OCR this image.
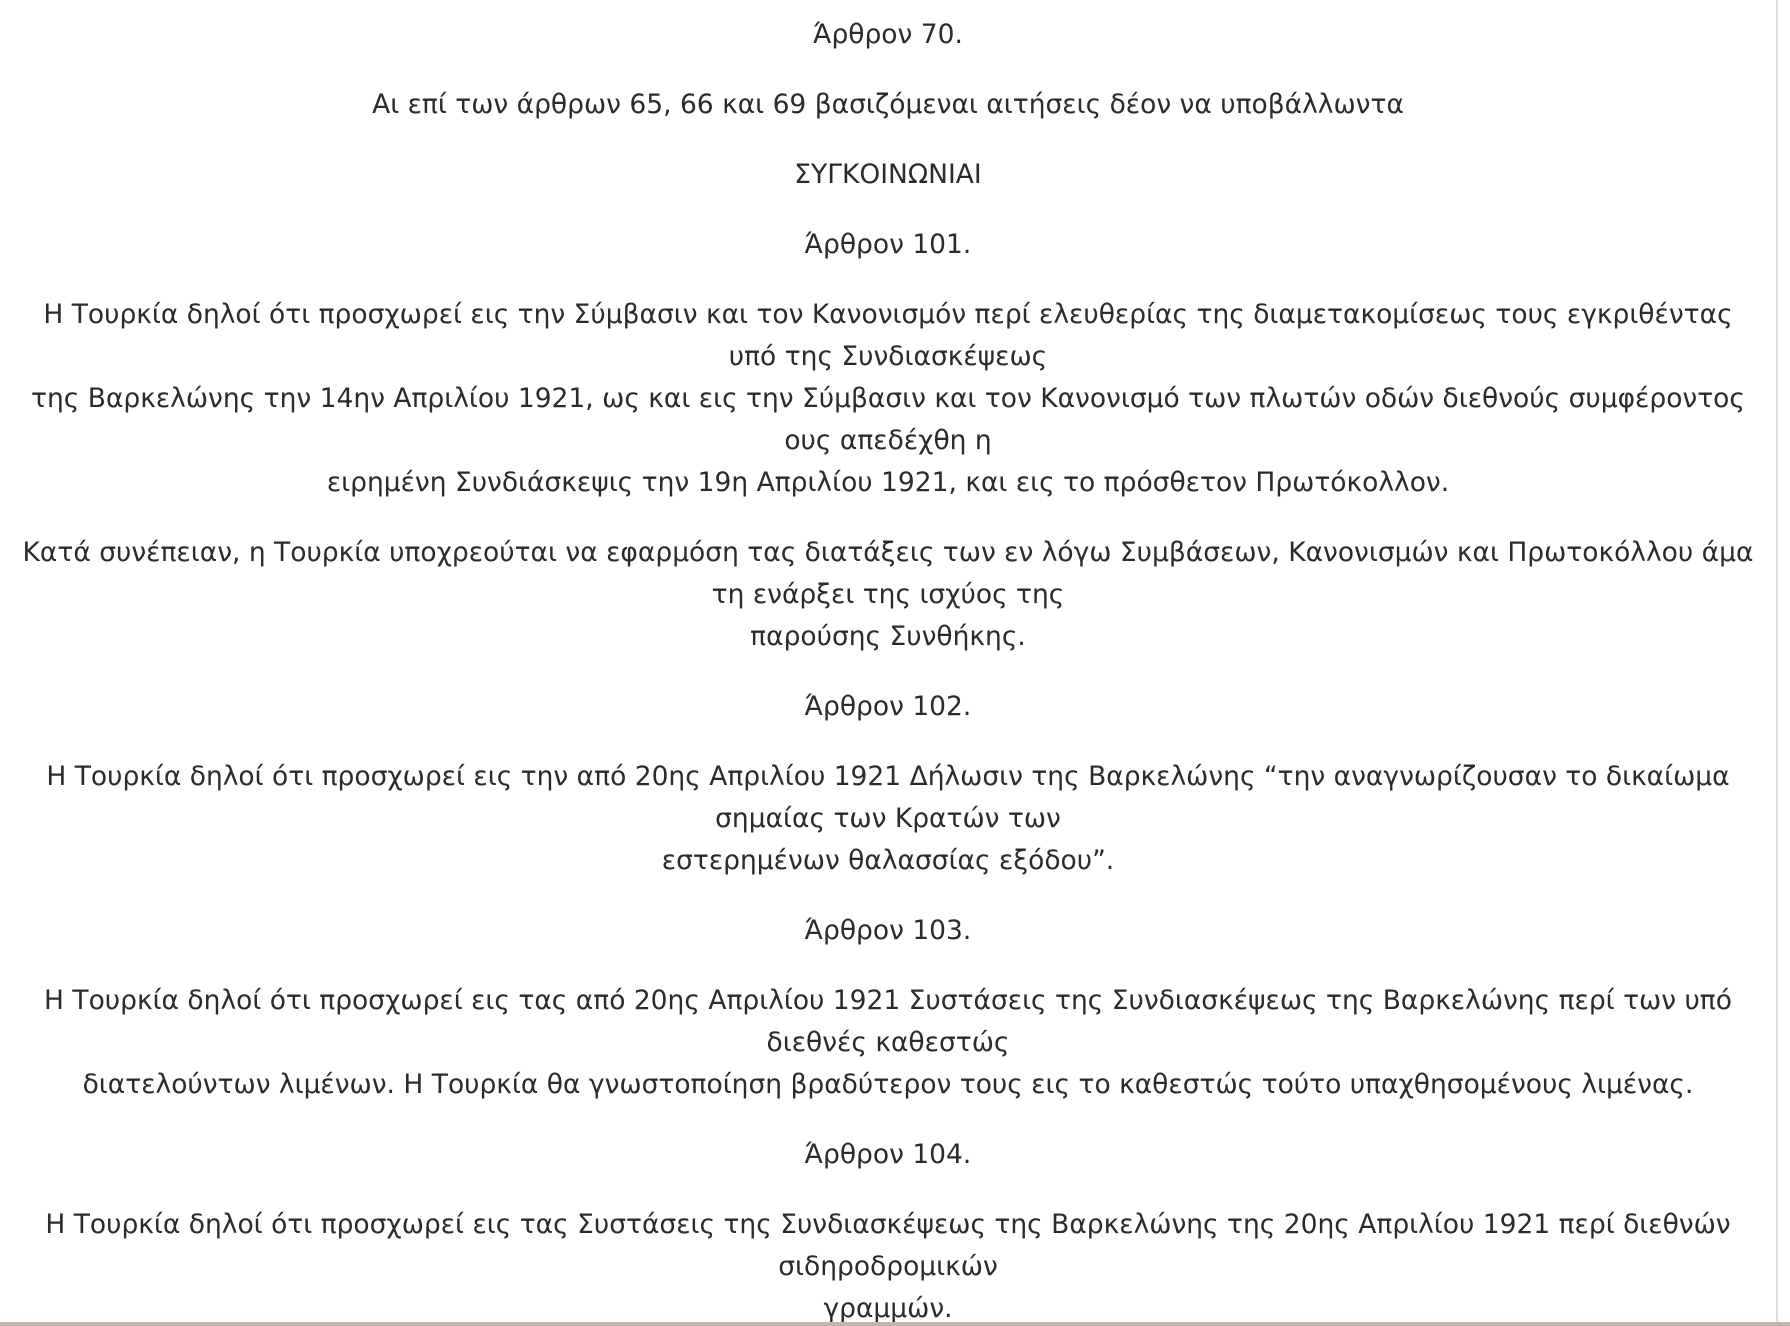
Άρθρον 70.

Αι επί των άρθρων 65, 66 και 69 βασιζόμεναι αιτήσεις δέον να υποβάλλωντα

ΣΥΓΚΟΙΝΩΝΙΑΙ

Άρθρον 101.

Η Τουρκία δηλοί ότι προσχωρεί εις την Σύμβασιν και τον Κανονισμόν περί ελευθερίας της διαμετακομίσεως τους εγκριθέντας
υπό της Συνδιασκέψεως
της Βαρκελώνης την 14ην Απριλίου 1921, ως και εις την Σύμβασιν και τον Κανονισμό των πλωτών οδών διεθνούς συμφέροντος
ους απεδέχθη η
ειρημένη Συνδιάσκεψις την 19η Απριλίου 1921, και εις το πρόσθετον Πρωτόκολλον.

Κατά συνέπειαν, η Τουρκία υποχρεούται να εφαρμόση τας διατάξεις των εν λόγω Συμβάσεων, Κανονισμών και Πρωτοκόλλου άμα
τη ενάρξει της ισχύος της
παρούσης Συνθήκης.

Άρθρον 102.

Η Τουρκία δηλοί ότι προσχωρεί εις την από 20ης Απριλίου 1921 Δήλωσιν της Βαρκελώνης “την αναγνωρίζουσαν το δικαίωμα
σημαίας των Κρατών των
εστερημένων θαλασσίας εξόδου”.

Άρθρον 103.

Η Τουρκία δηλοί ότι προσχωρεί εις τας από 20ης Απριλίου 1921 Συστάσεις της Συνδιασκέψεως της Βαρκελώνης περί των υπό
διεθνές καθεστώς
διατελούντων λιμένων. Η Τουρκία θα γνωστοποίηση βραδύτερον τους εις το καθεστώς τούτο υπαχθησομένους λιμένας.

Άρθρον 104.

Η Τουρκία δηλοί ότι προσχωρεί εις τας Συστάσεις της Συνδιασκέψεως της Βαρκελώνης της 20ης Απριλίου 1921 περί διεθνών
σιδηροδρομικών
γραμμών.
